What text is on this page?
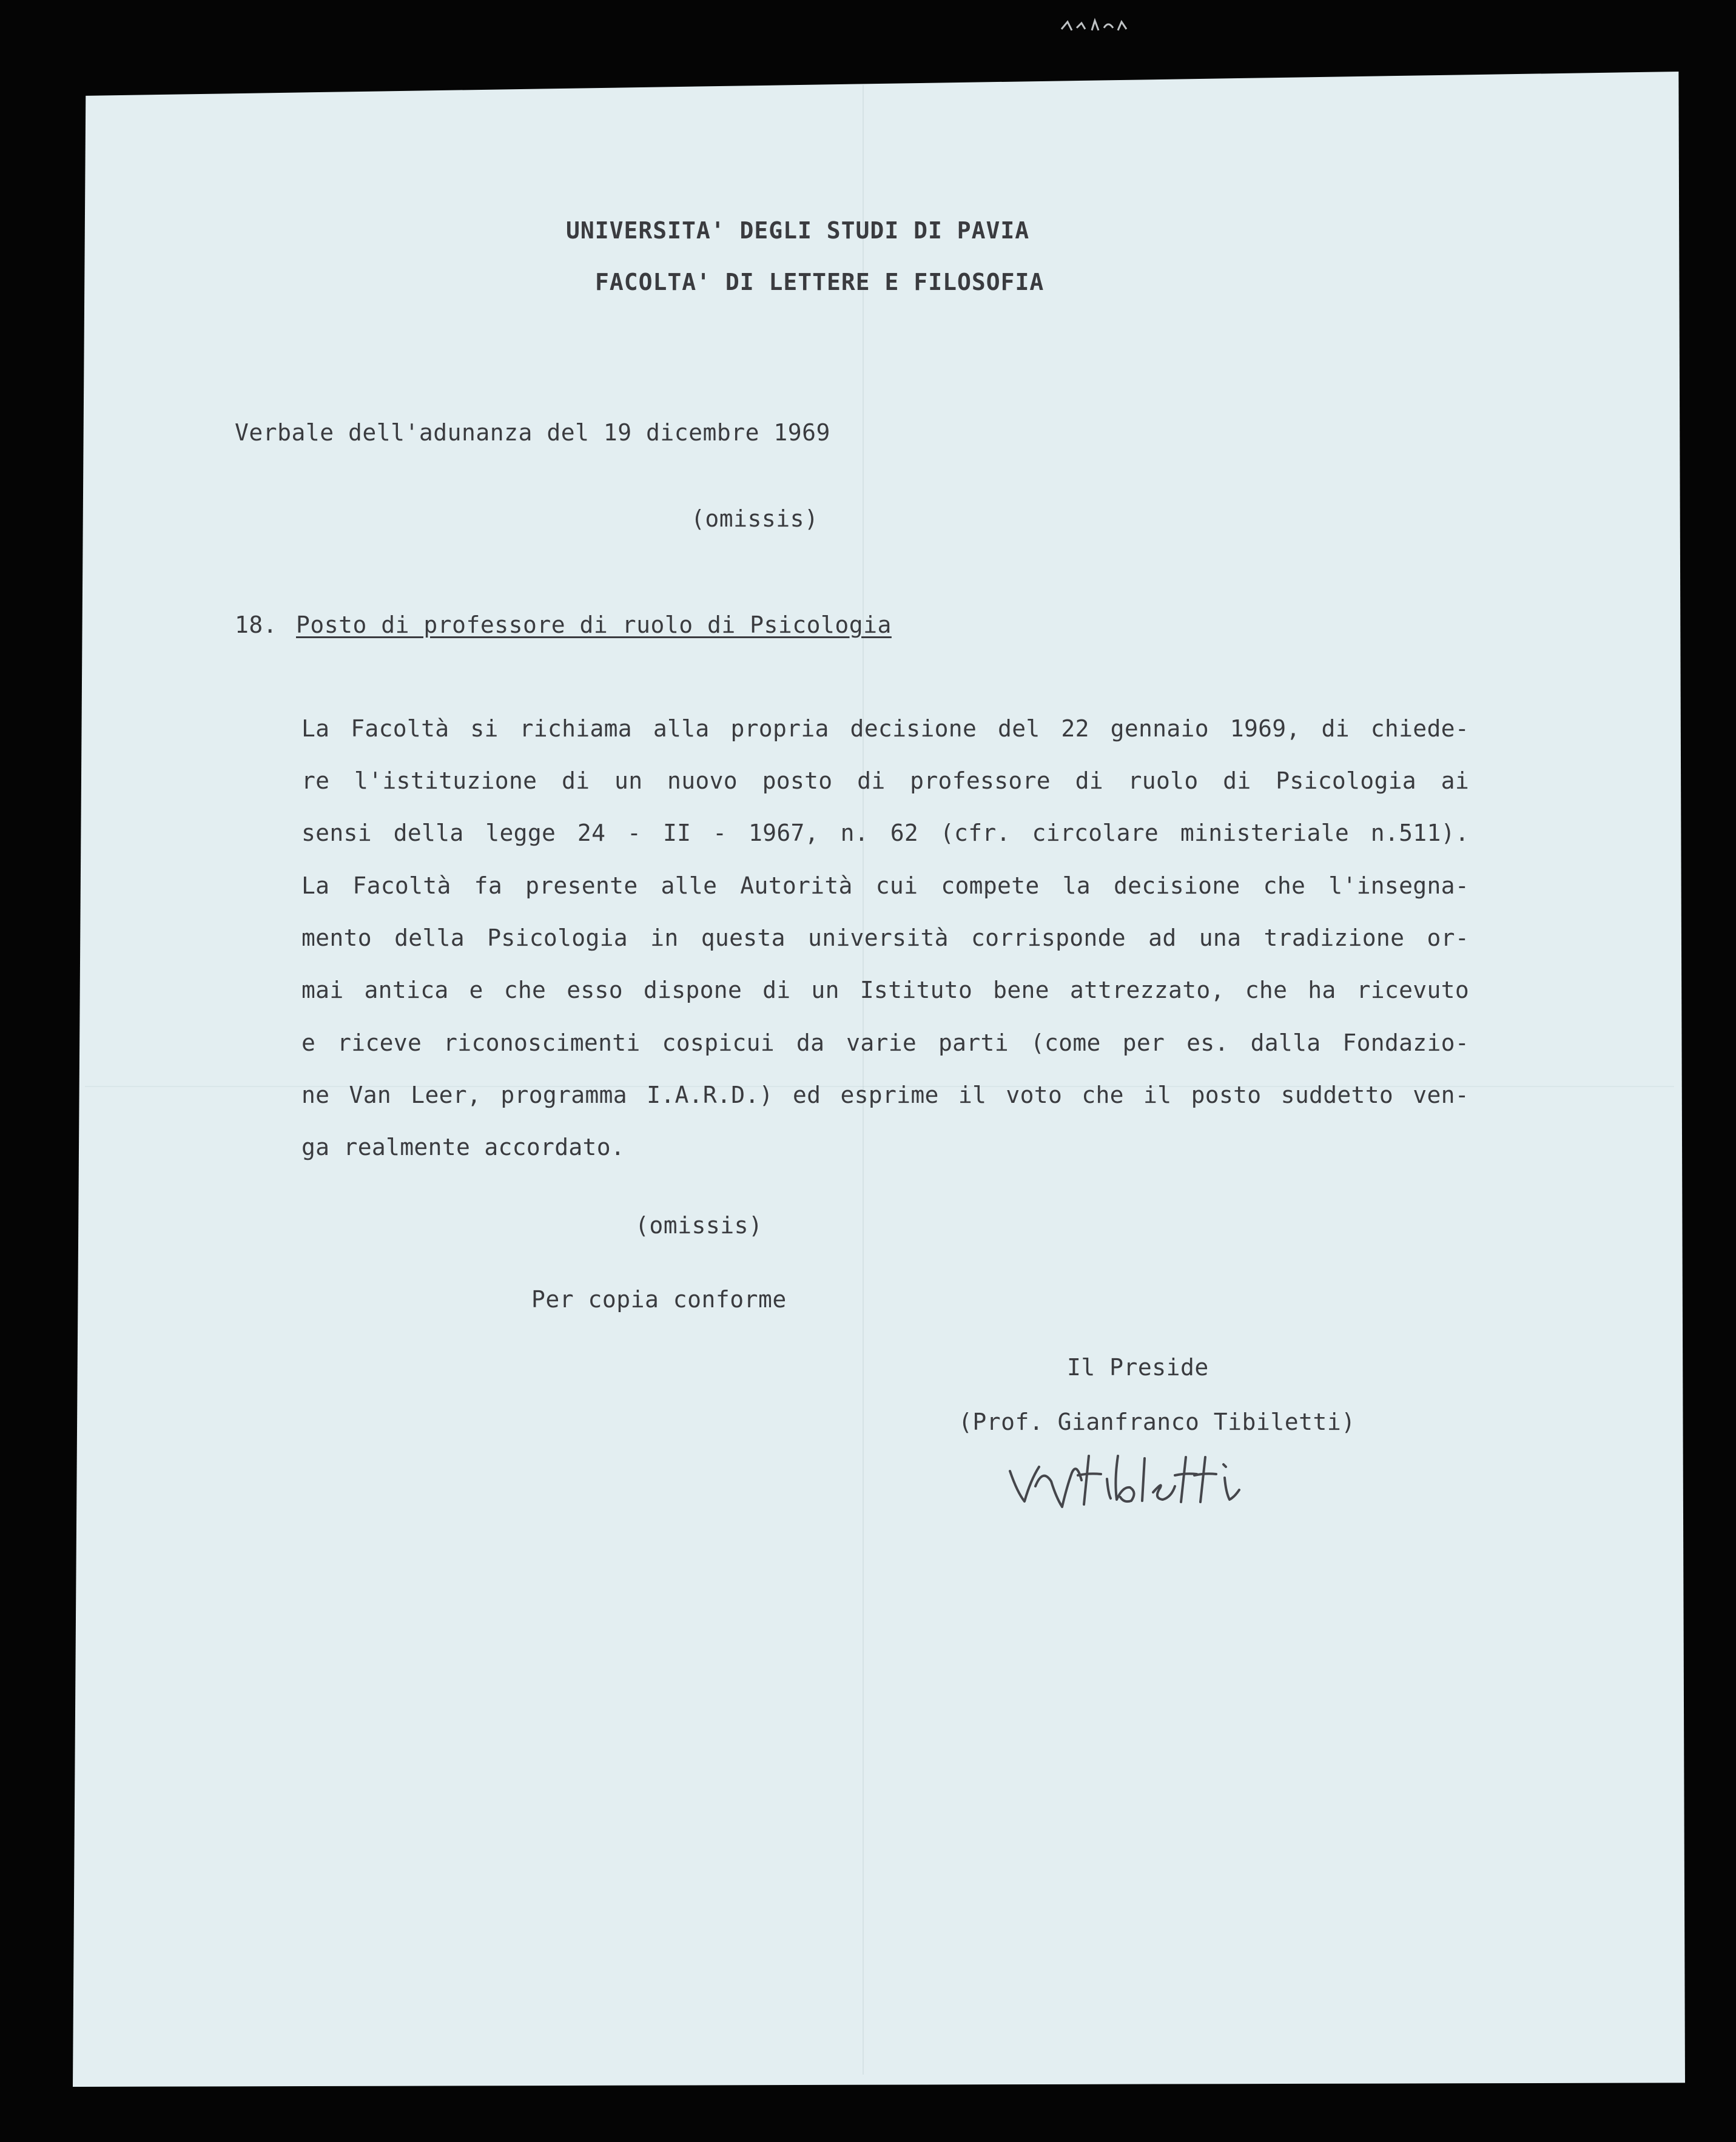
UNIVERSITA' DEGLI STUDI DI PAVIA

FACOLTA' DI LETTERE E FILOSOFIA

Verbale dell'adunanza del 19 dicembre 1969

(omissis)

18. Posto di professore di ruolo di Psicologia

La Facoltà si richiama alla propria decisione del 22 gennaio 1969, di chiede-
re l'istituzione di un nuovo posto di professore di ruolo di Psicologia ai
sensi della legge 24 - II - 1967, n. 62 (cfr. circolare ministeriale n.511).
La Facoltà fa presente alle Autorità cui compete la decisione che l'insegna-
mento della Psicologia in questa università corrisponde ad una tradizione or-
mai antica e che esso dispone di un Istituto bene attrezzato, che ha ricevuto
e riceve riconoscimenti cospicui da varie parti (come per es. dalla Fondazio-
ne Van Leer, programma I.A.R.D.) ed esprime il voto che il posto suddetto ven-
ga realmente accordato.

(omissis)

Per copia conforme

Il Preside

(Prof. Gianfranco Tibiletti)
